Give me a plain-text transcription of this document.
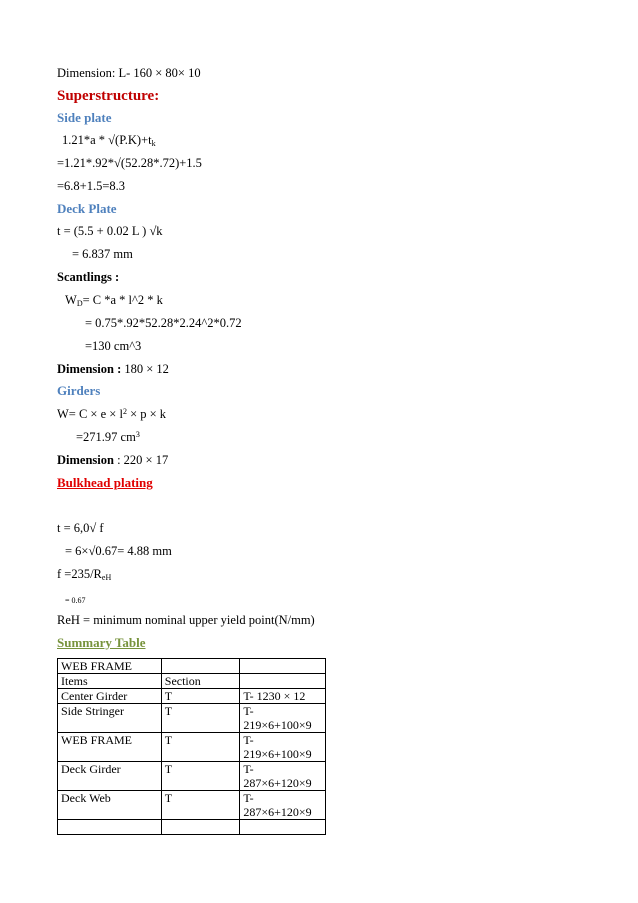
Dimension: L- 160 × 80× 10
Superstructure:
Side plate
$1.21*a * √(P.K)+t_k$
=1.21*.92*√(52.28*.72)+1.5
=6.8+1.5=8.3
Deck Plate
t = (5.5 + 0.02 L ) √k
= 6.837 mm
Scantlings :
$W_D= C$ *a * l^2 * k
= 0.75*.92*52.28*2.24^2*0.72
=130 cm^3
Dimension : 180 × 12
Girders
$W= C \times e \times l^2 \times p \times k$
=271.97 $cm^3$
Dimension : 220 × 17
Bulkhead plating
t = 6,0√ f
= 6×√0.67= 4.88 mm
$f =235/R_{eH}$
= 0.67
ReH = minimum nominal upper yield point(N/mm)
Summary Table
WEB FRAME		
Items	Section	
Center Girder	T	T- 1230 × 12
Side Stringer	T	T-
219×6+100×9
WEB FRAME	T	T-
219×6+100×9
Deck Girder	T	T-
287×6+120×9
Deck Web	T	T-
287×6+120×9
